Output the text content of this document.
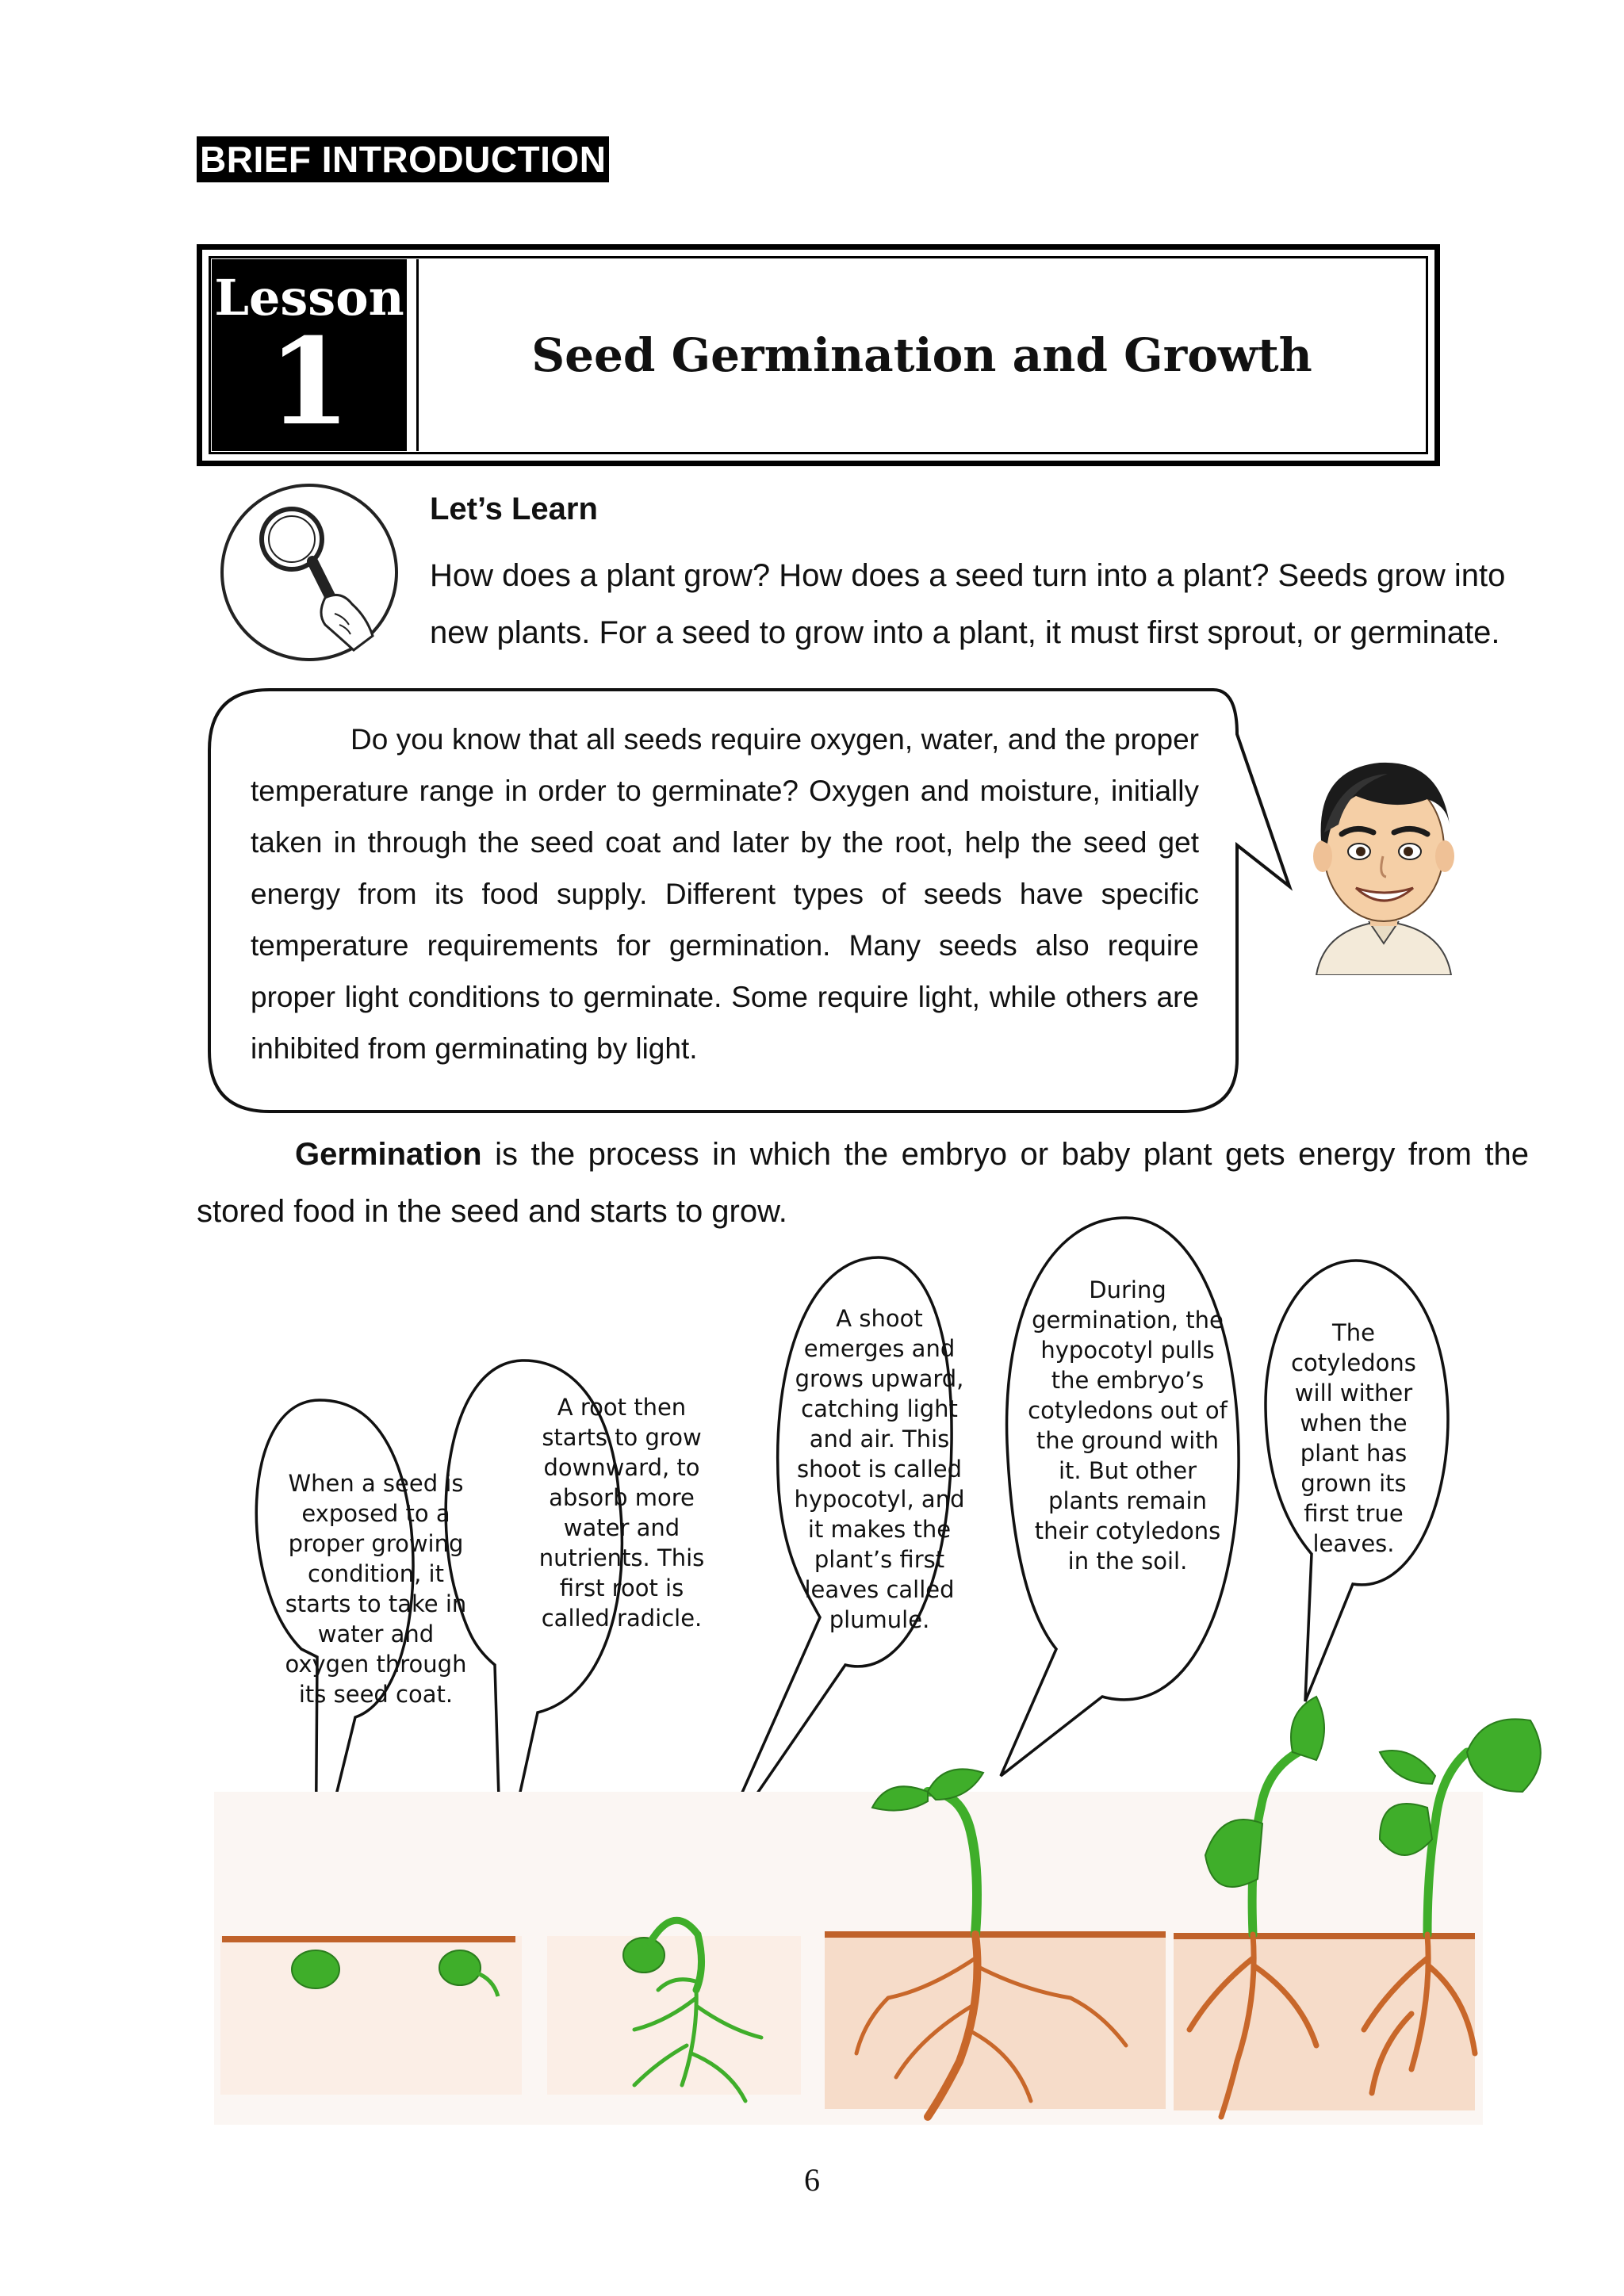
BRIEF INTRODUCTION
Lesson
1	Seed Germination and Growth
Let’s Learn
How does a plant grow? How does a seed turn into a plant? Seeds grow into new plants. For a seed to grow into a plant, it must first sprout, or germinate.

Do you know that all seeds require oxygen, water, and the proper temperature range in order to germinate? Oxygen and moisture, initially taken in through the seed coat and later by the root, help the seed get energy from its food supply. Different types of seeds have specific temperature requirements for germination. Many seeds also require proper light conditions to germinate. Some require light, while others are inhibited from germinating by light.

Germination is the process in which the embryo or baby plant gets energy from the stored food in the seed and starts to grow.

When a seed is exposed to a proper growing condition, it starts to take in water and oxygen through its seed coat.
A root then starts to grow downward, to absorb more water and nutrients. This first root is called radicle.
A shoot emerges and grows upward, catching light and air. This shoot is called hypocotyl, and it makes the plant’s first leaves called plumule.
During germination, the hypocotyl pulls the embryo’s cotyledons out of the ground with it. But other plants remain their cotyledons in the soil.
The cotyledons will wither when the plant has grown its first true leaves.
6
